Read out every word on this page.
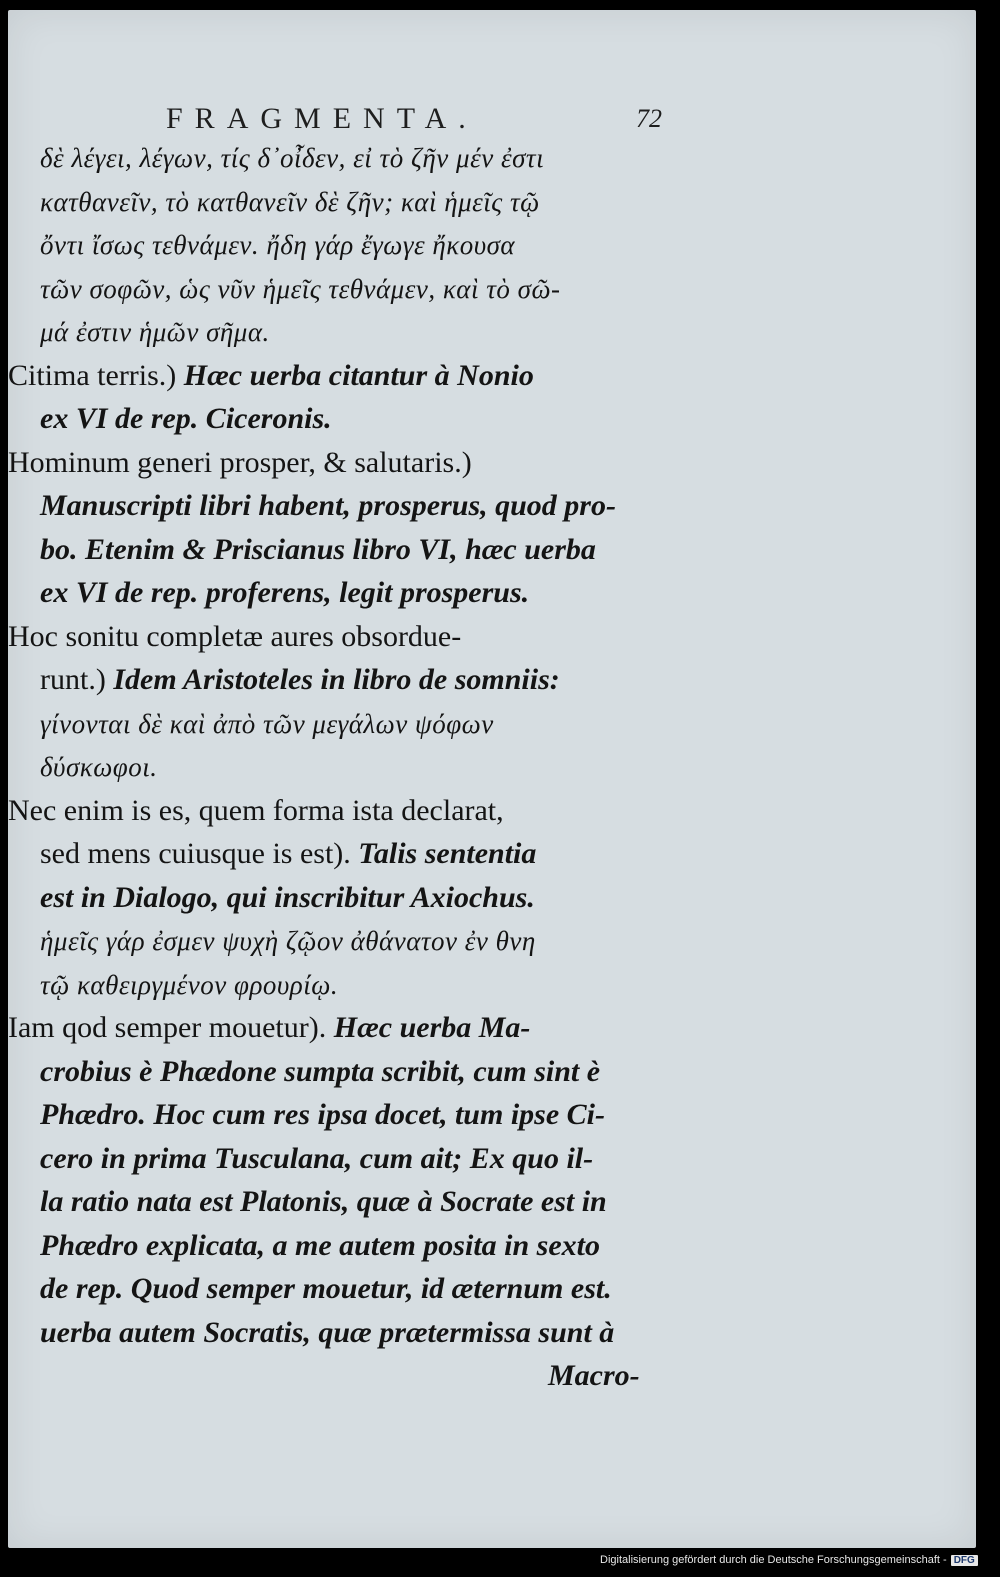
FRAGMENTA.	72
δὲ λέγει, λέγων, τίς δ᾽οἶδεν, εἰ τὸ ζῆν μέν ἐστι
κατθανεῖν, τὸ κατθανεῖν δὲ ζῆν; καὶ ἡμεῖς τῷ
ὄντι ἴσως τεθνάμεν. ἤδη γάρ ἔγωγε ἤκουσα
τῶν σοφῶν, ὡς νῦν ἡμεῖς τεθνάμεν, καὶ τὸ σῶ-
μά ἐστιν ἡμῶν σῆμα.
Citima terris.) Hæc uerba citantur à Nonio
ex VI de rep. Ciceronis.
Hominum generi prosper, & salutaris.)
Manuscripti libri habent, prosperus, quod pro-
bo. Etenim & Priscianus libro VI, hæc uerba
ex VI de rep. proferens, legit prosperus.
Hoc sonitu completæ aures obsordue-
runt.) Idem Aristoteles in libro de somniis:
γίνονται δὲ καὶ ἀπὸ τῶν μεγάλων ψόφων
δύσκωφοι.
Nec enim is es, quem forma ista declarat,
sed mens cuiusque is est). Talis sententia
est in Dialogo, qui inscribitur Axiochus.
ἡμεῖς γάρ ἐσμεν ψυχὴ ζῷον ἀθάνατον ἐν θνη
τῷ καθειργμένον φρουρίῳ.
Iam qod semper mouetur). Hæc uerba Ma-
crobius è Phædone sumpta scribit, cum sint è
Phædro. Hoc cum res ipsa docet, tum ipse Ci-
cero in prima Tusculana, cum ait; Ex quo il-
la ratio nata est Platonis, quæ à Socrate est in
Phædro explicata, a me autem posita in sexto
de rep. Quod semper mouetur, id æternum est.
uerba autem Socratis, quæ prætermissa sunt à
Macro-
Digitalisierung gefördert durch die Deutsche Forschungsgemeinschaft - DFG
